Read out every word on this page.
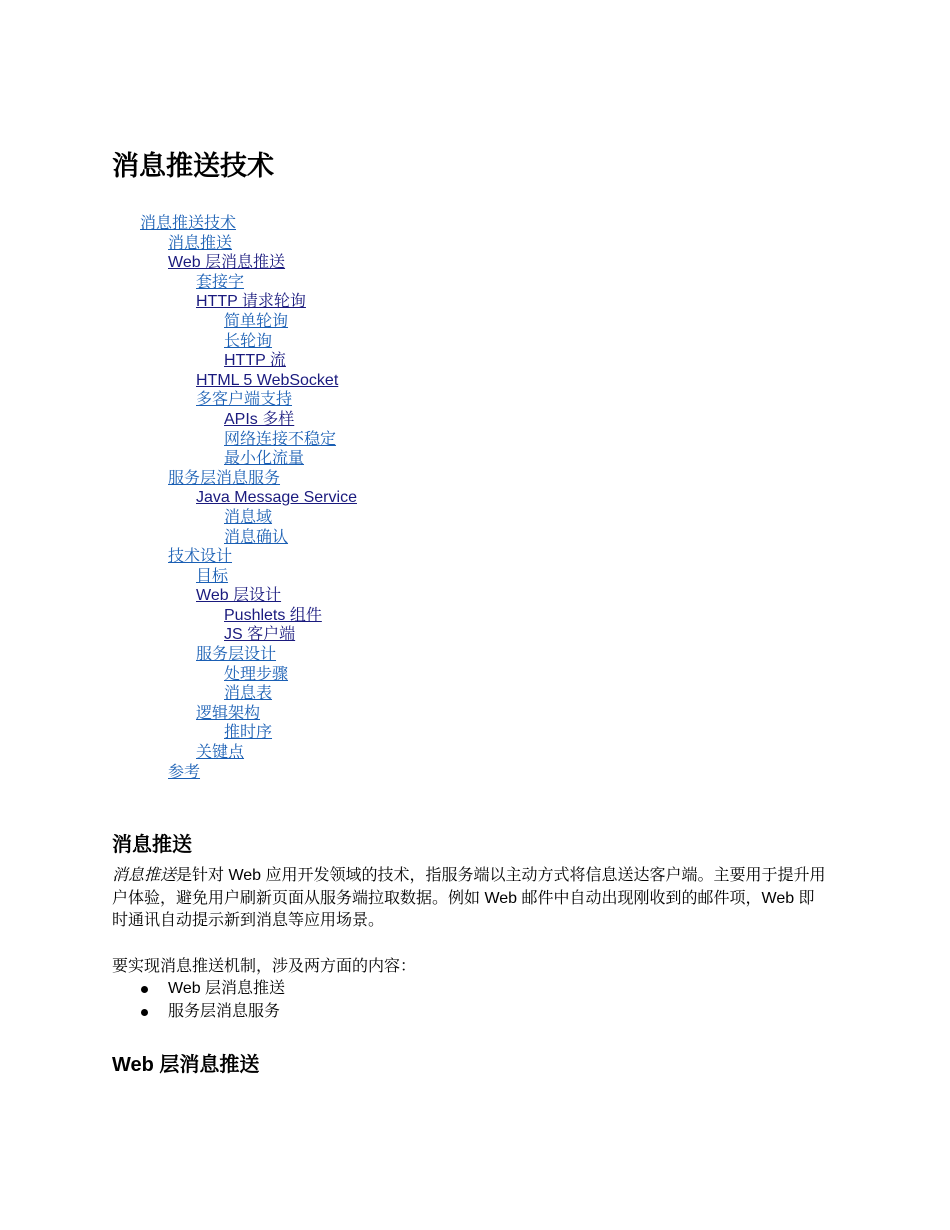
消息推送技术
消息推送技术
消息推送
Web 层消息推送
套接字
HTTP 请求轮询
简单轮询
长轮询
HTTP 流
HTML 5 WebSocket
多客户端支持
APIs 多样
网络连接不稳定
最小化流量
服务层消息服务
Java Message Service
消息域
消息确认
技术设计
目标
Web 层设计
Pushlets 组件
JS 客户端
服务层设计
处理步骤
消息表
逻辑架构
推时序
关键点
参考
消息推送

消息推送是针对 Web 应用开发领域的技术，指服务端以主动方式将信息送达客户端。主要用于提升用户体验，避免用户刷新页面从服务端拉取数据。例如 Web 邮件中自动出现刚收到的邮件项，Web 即时通讯自动提示新到消息等应用场景。

要实现消息推送机制，涉及两方面的内容：

Web 层消息推送
服务层消息服务
Web 层消息推送
